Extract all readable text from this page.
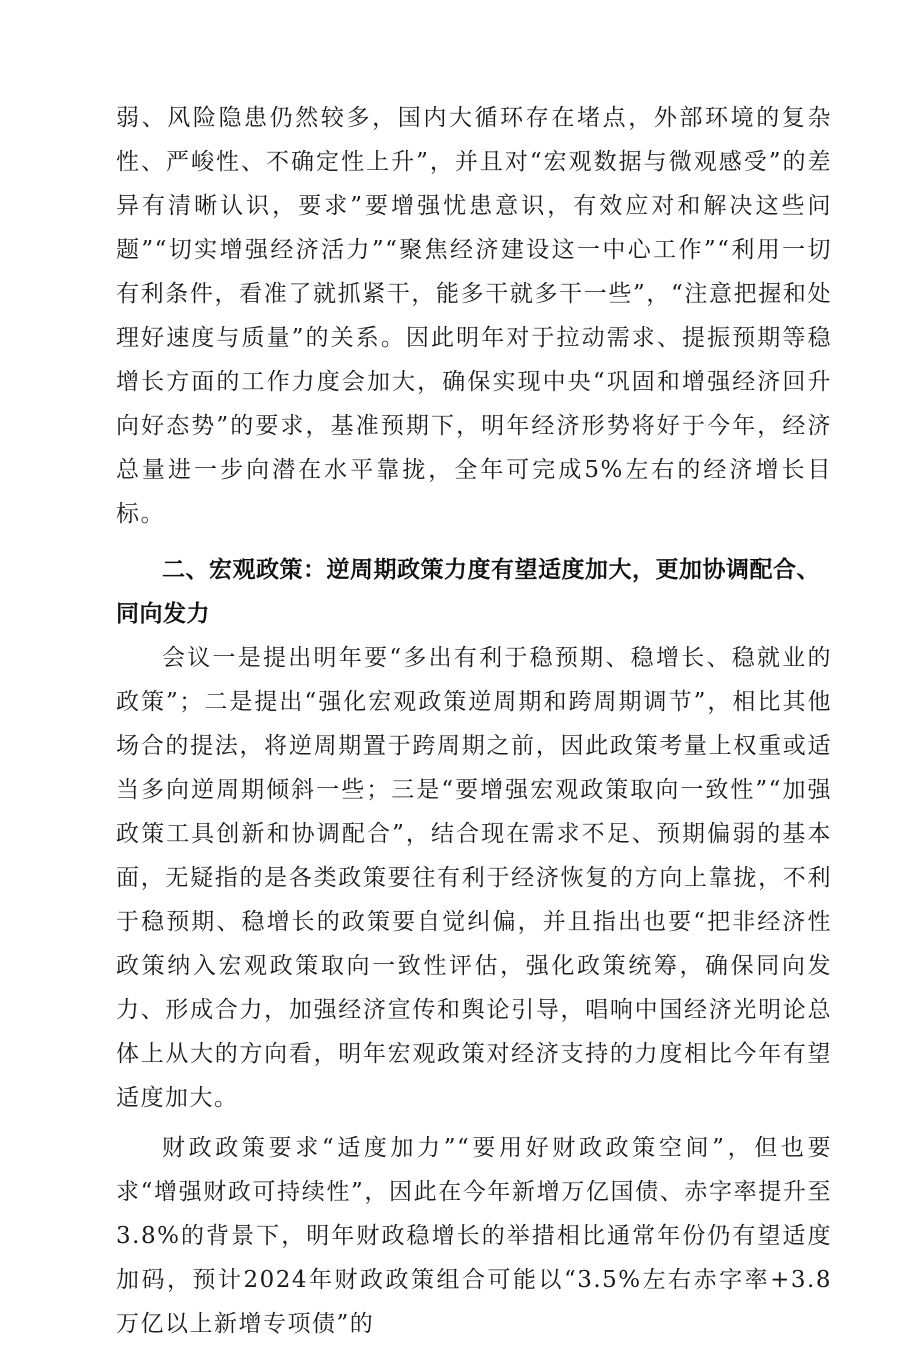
弱、风险隐患仍然较多，国内大循环存在堵点，外部环境的复杂性、严峻性、不确定性上升”，并且对“宏观数据与微观感受”的差异有清晰认识，要求”要增强忧患意识，有效应对和解决这些问题”“切实增强经济活力”“聚焦经济建设这一中心工作”“利用一切有利条件，看准了就抓紧干，能多干就多干一些”，“注意把握和处理好速度与质量”的关系。因此明年对于拉动需求、提振预期等稳增长方面的工作力度会加大，确保实现中央“巩固和增强经济回升向好态势”的要求，基准预期下，明年经济形势将好于今年，经济总量进一步向潜在水平靠拢，全年可完成5%左右的经济增长目标。

二、宏观政策：逆周期政策力度有望适度加大，更加协调配合、同向发力

会议一是提出明年要“多出有利于稳预期、稳增长、稳就业的政策”；二是提出“强化宏观政策逆周期和跨周期调节”，相比其他场合的提法，将逆周期置于跨周期之前，因此政策考量上权重或适当多向逆周期倾斜一些；三是“要增强宏观政策取向一致性”“加强政策工具创新和协调配合”，结合现在需求不足、预期偏弱的基本面，无疑指的是各类政策要往有利于经济恢复的方向上靠拢，不利于稳预期、稳增长的政策要自觉纠偏，并且指出也要“把非经济性政策纳入宏观政策取向一致性评估，强化政策统筹，确保同向发力、形成合力，加强经济宣传和舆论引导，唱响中国经济光明论总体上从大的方向看，明年宏观政策对经济支持的力度相比今年有望适度加大。

财政政策要求“适度加力”“要用好财政政策空间”，但也要求“增强财政可持续性”，因此在今年新增万亿国债、赤字率提升至3.8%的背景下，明年财政稳增长的举措相比通常年份仍有望适度加码，预计2024年财政政策组合可能以“3.5%左右赤字率+3.8万亿以上新增专项债”的
